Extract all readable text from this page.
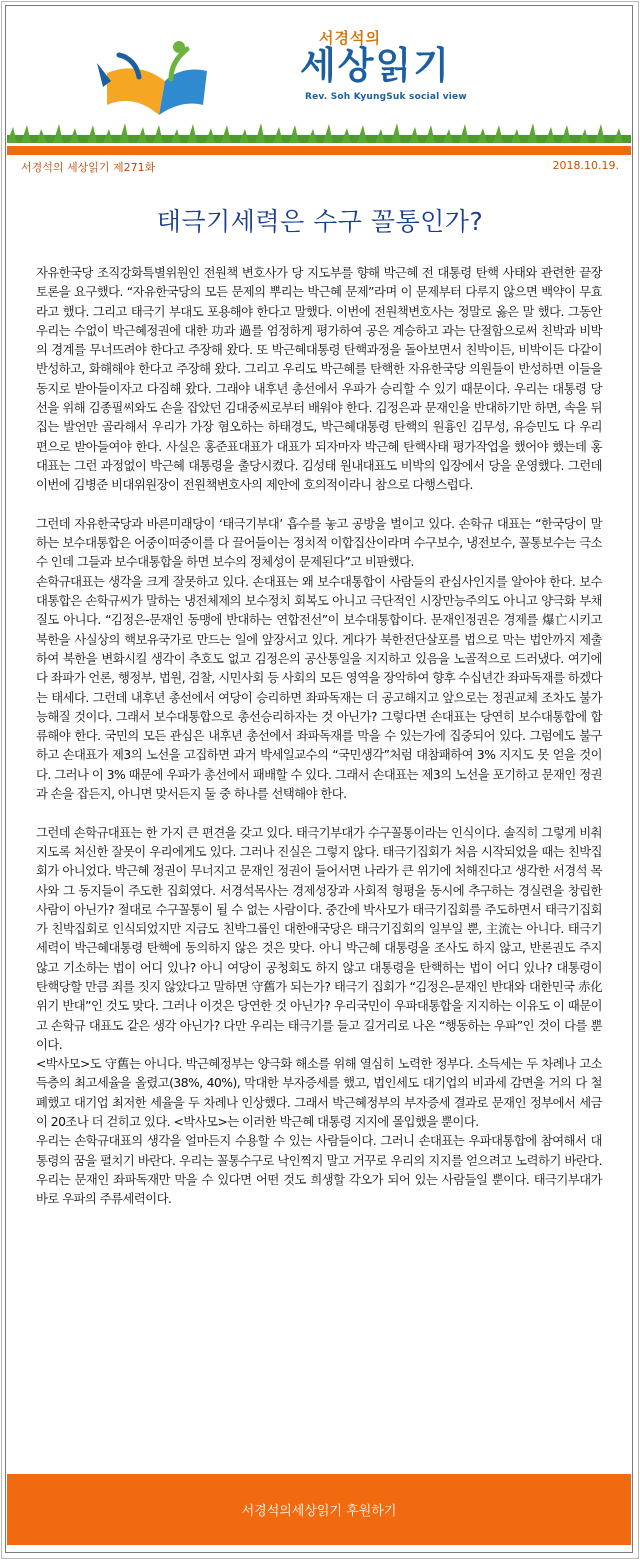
서경석의
세상읽기
Rev. Soh KyungSuk social view
서경석의 세상읽기 제271화	2018.10.19.
태극기세력은 수구 꼴통인가?

자유한국당 조직강화특별위원인 전원책 변호사가 당 지도부를 향해 박근혜 전 대통령 탄핵 사태와 관련한 끝장토론을 요구했다. “자유한국당의 모든 문제의 뿌리는 박근혜 문제”라며 이 문제부터 다루지 않으면 백약이 무효라고 했다. 그리고 태극기 부대도 포용해야 한다고 말했다. 이번에 전원책변호사는 정말로 옳은 말 했다. 그동안 우리는 수없이 박근혜정권에 대한 功과 過를 엄정하게 평가하여 공은 계승하고 과는 단절함으로써 친박과 비박의 경계를 무너뜨려야 한다고 주장해 왔다. 또 박근혜대통령 탄핵과정을 돌아보면서 친박이든, 비박이든 다같이 반성하고, 화해해야 한다고 주장해 왔다. 그리고 우리도 박근혜를 탄핵한 자유한국당 의원들이 반성하면 이들을 동지로 받아들이자고 다짐해 왔다. 그래야 내후년 총선에서 우파가 승리할 수 있기 때문이다. 우리는 대통령 당선을 위해 김종필씨와도 손을 잡았던 김대중씨로부터 배워야 한다. 김정은과 문재인을 반대하기만 하면, 속을 뒤집는 발언만 골라해서 우리가 가장 혐오하는 하태경도, 박근혜대통령 탄핵의 원흉인 김무성, 유승민도 다 우리 편으로 받아들여야 한다. 사실은 홍준표대표가 대표가 되자마자 박근혜 탄핵사태 평가작업을 했어야 했는데 홍대표는 그런 과정없이 박근혜 대통령을 출당시켰다. 김성태 원내대표도 비박의 입장에서 당을 운영했다. 그런데 이번에 김병준 비대위원장이 전원책변호사의 제안에 호의적이라니 참으로 다행스럽다.

그런데 자유한국당과 바른미래당이 ‘태극기부대’ 흡수를 놓고 공방을 벌이고 있다. 손학규 대표는 “한국당이 말하는 보수대통합은 어중이떠중이를 다 끌어들이는 정치적 이합집산이라며 수구보수, 냉전보수, 꼴통보수는 극소수 인데 그들과 보수대통합을 하면 보수의 정체성이 문제된다”고 비판했다.

손학규대표는 생각을 크게 잘못하고 있다. 손대표는 왜 보수대통합이 사람들의 관심사인지를 알아야 한다. 보수대통합은 손학규씨가 말하는 냉전체제의 보수정치 회복도 아니고 극단적인 시장만능주의도 아니고 양극화 부채질도 아니다. “김정은-문재인 동맹에 반대하는 연합전선”이 보수대통합이다. 문재인정권은 경제를 爆亡시키고 북한을 사실상의 핵보유국가로 만드는 일에 앞장서고 있다. 게다가 북한전단살포를 법으로 막는 법안까지 제출하여 북한을 변화시킬 생각이 추호도 없고 김정은의 공산통일을 지지하고 있음을 노골적으로 드러냈다. 여기에다 좌파가 언론, 행정부, 법원, 검찰, 시민사회 등 사회의 모든 영역을 장악하여 향후 수십년간 좌파독재를 하겠다는 태세다. 그런데 내후년 총선에서 여당이 승리하면 좌파독재는 더 공고해지고 앞으로는 정권교체 조차도 불가능해질 것이다. 그래서 보수대통합으로 총선승리하자는 것 아닌가? 그렇다면 손대표는 당연히 보수대통합에 합류해야 한다. 국민의 모든 관심은 내후년 총선에서 좌파독재를 막을 수 있는가에 집중되어 있다. 그럼에도 불구하고 손대표가 제3의 노선을 고집하면 과거 박세일교수의 “국민생각”처럼 대참패하여 3% 지지도 못 얻을 것이다. 그러나 이 3% 때문에 우파가 총선에서 패배할 수 있다. 그래서 손대표는 제3의 노선을 포기하고 문재인 정권과 손을 잡든지, 아니면 맞서든지 둘 중 하나를 선택해야 한다.

그런데 손학규대표는 한 가지 큰 편견을 갖고 있다. 태극기부대가 수구꼴통이라는 인식이다. 솔직히 그렇게 비춰지도록 처신한 잘못이 우리에게도 있다. 그러나 진실은 그렇지 않다. 태극기집회가 처음 시작되었을 때는 친박집회가 아니었다. 박근혜 정권이 무너지고 문재인 정권이 들어서면 나라가 큰 위기에 처해진다고 생각한 서경석 목사와 그 동지들이 주도한 집회였다. 서경석목사는 경제성장과 사회적 형평을 동시에 추구하는 경실련을 창립한 사람이 아닌가? 절대로 수구꼴통이 될 수 없는 사람이다. 중간에 박사모가 태극기집회를 주도하면서 태극기집회가 친박집회로 인식되었지만 지금도 친박그룹인 대한애국당은 태극기집회의 일부일 뿐, 主流는 아니다. 태극기세력이 박근혜대통령 탄핵에 동의하지 않은 것은 맞다. 아니 박근혜 대통령을 조사도 하지 않고, 반론권도 주지 않고 기소하는 법이 어디 있나? 아니 여당이 공청회도 하지 않고 대통령을 탄핵하는 법이 어디 있나? 대통령이 탄핵당할 만큼 죄를 짓지 않았다고 말하면 守舊가 되는가? 태극기 집회가 “김정은-문재인 반대와 대한민국 赤化위기 반대”인 것도 맞다. 그러나 이것은 당연한 것 아닌가? 우리국민이 우파대통합을 지지하는 이유도 이 때문이고 손학규 대표도 같은 생각 아닌가? 다만 우리는 태극기를 들고 길거리로 나온 “행동하는 우파”인 것이 다를 뿐이다.

<박사모>도 守舊는 아니다. 박근혜정부는 양극화 해소를 위해 열심히 노력한 정부다. 소득세는 두 차례나 고소득층의 최고세율을 올렸고(38%, 40%), 막대한 부자증세를 했고, 법인세도 대기업의 비과세 감면을 거의 다 철폐했고 대기업 최저한 세율을 두 차례나 인상했다. 그래서 박근혜정부의 부자증세 결과로 문재인 정부에서 세금이 20조나 더 걷히고 있다. <박사모>는 이러한 박근혜 대통령 지지에 몰입했을 뿐이다.

우리는 손학규대표의 생각을 얼마든지 수용할 수 있는 사람들이다. 그러니 손대표는 우파대통합에 참여해서 대통령의 꿈을 펼치기 바란다. 우리는 꼴통수구로 낙인찍지 말고 거꾸로 우리의 지지를 얻으려고 노력하기 바란다. 우리는 문재인 좌파독재만 막을 수 있다면 어떤 것도 희생할 각오가 되어 있는 사람들일 뿐이다. 태극기부대가 바로 우파의 주류세력이다.

서경석의세상읽기 후원하기
